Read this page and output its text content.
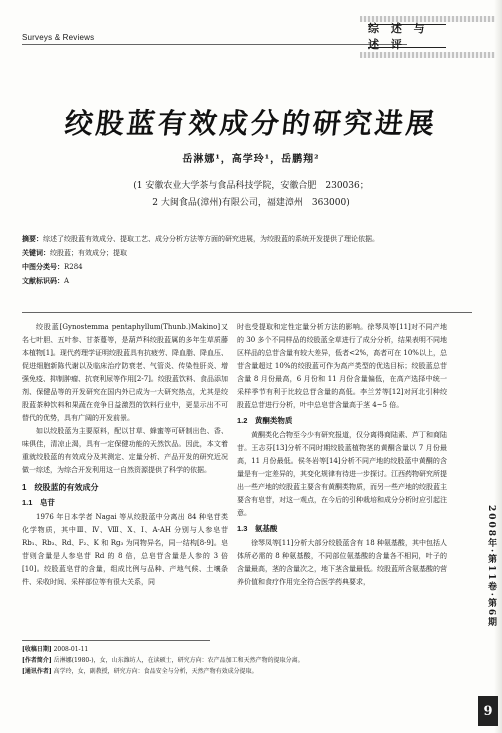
Surveys & Reviews
综 述 与 述 评
绞股蓝有效成分的研究进展
岳淋娜¹，高学玲¹，岳鹏翔²
(1 安徽农业大学茶与食品科技学院，安徽合肥　230036；
2 大闽食品(漳州)有限公司，福建漳州　363000)
摘要：综述了绞股蓝有效成分、提取工艺、成分分析方法等方面的研究进展，为绞股蓝的系统开发提供了理论依据。
关键词：绞股蓝；有效成分；提取
中图分类号：R284
文献标识码：A

绞股蓝[Gynostemma pentaphyllum(Thunb.)Makino]又名七叶胆、五叶参、甘茶蔓等，是葫芦科绞股蓝属的多年生草质藤本植物[1]。现代药理学证明绞股蓝具有抗疲劳、降血脂、降血压、促进细胞新陈代谢以及临床治疗防衰老、气管炎、传染性肝炎、增强免疫、抑制肿瘤、抗衰利尿等作用[2-7]。绞股蓝饮料、食品添加剂、保健品等的开发研究在国内外已成为一大研究热点，尤其是绞股蓝茶种饮料和果蔬在竞争日益激烈的饮料行业中，更显示出不可替代的优势，具有广阔的开发前景。

如以绞股蓝为主要原料，配以甘草、蜂蜜等可研制出色、香、味俱佳，清凉止渴，具有一定保健功能的天然饮品。因此，本文着重就绞股蓝的有效成分及其测定、定量分析、产品开发的研究近况做一综述，为综合开发利用这一自然资源提供了科学的依据。

1　绞股蓝的有效成分
1.1　皂苷

1976 年日本学者 Nagai 等从绞股蓝中分离出 84 种皂苷类化学物质，其中Ⅲ、Ⅳ、Ⅷ、Ⅹ、Ⅰ、A-AH 分别与人参皂苷 Rb₁、Rb₃、Rd、F₂、K 和 Rg₃ 为同物异名，同一结构[8-9]。皂苷则含量是人参皂苷 Rd 的 8 倍，总皂苷含量是人参的 3 倍[10]。绞股蓝皂苷的含量，组成比例与品种、产地气候、土壤条件、采收时间、采样部位等有很大关系，同

时也受提取和定性定量分析方法的影响。徐琴凤等[11]对不同产地的 30 多个不同样品的绞股蓝全草进行了成分分析，结果表明不同地区样品的总苷含量有较大差异，低者<2%，高者可在 10%以上，总苷含量超过 10%的绞股蓝可作为高产类型的优选目标；绞股蓝总苷含量 8 月份最高，6 月份和 11 月份含量偏低，在高产选择中统一采样季节有利于比较总苷含量的高低。李兰芳等[12]对河北引种绞股蓝总苷进行分析，叶中总皂苷含量高于茎 4~5 倍。

1.2　黄酮类物质

黄酮类化合物至今少有研究报道，仅分离得商陆素、芦丁和商陆苷。王志芬[13]分析不同时期绞股蓝植物茎的黄酮含量以 7 月份最高，11 月份最低。侯冬岩等[14]分析不同产地的绞股蓝中黄酮的含量是有一定差异的，其变化规律有待进一步探讨。江西药物研究所提出一些产地的绞股蓝主要含有黄酮类物质，而另一些产地的绞股蓝主要含有皂苷，对这一观点，在今后的引种栽培和成分分析时应引起注意。

1.3　氨基酸

徐琴凤等[11]分析大部分绞股蓝含有 18 种氨基酸，其中包括人体所必需的 8 种氨基酸，不同部位氨基酸的含量各不相同，叶子的含量最高，茎的含量次之，地下茎含量最低。绞股蓝所含氨基酸的营养价值和食疗作用完全符合医学药典要求，

[收稿日期] 2008-01-11
[作者简介] 岳淋娜(1980-)，女，山东潍坊人，在读硕士，研究方向：农产品加工和天然产物的提取分离。
[通讯作者] 高学玲，女，副教授，研究方向：食品安全与分析，天然产物有效成分提取。
2008年·第11卷·第6期
9
